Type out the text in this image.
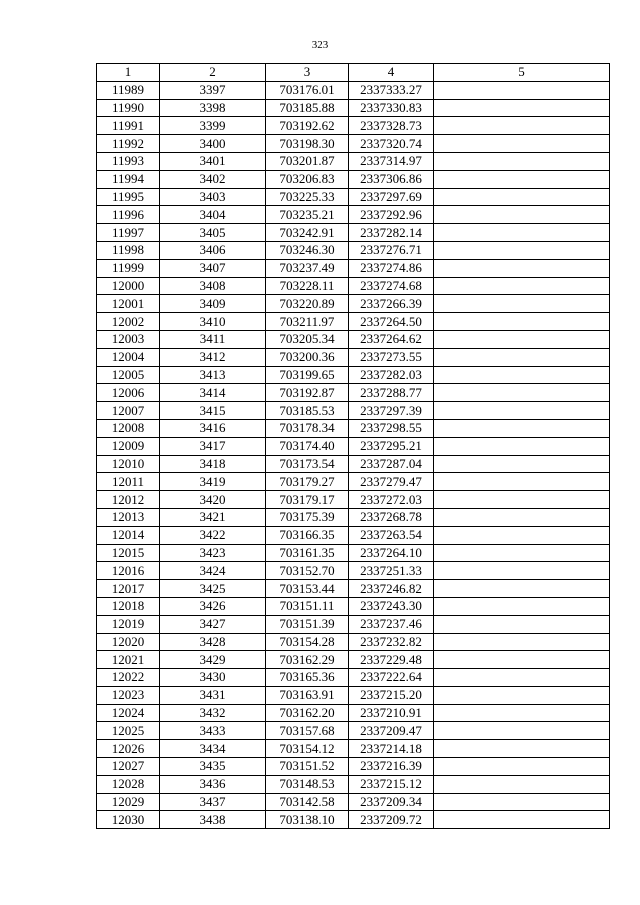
323
1	2	3	4	5
11989	3397	703176.01	2337333.27	
11990	3398	703185.88	2337330.83	
11991	3399	703192.62	2337328.73	
11992	3400	703198.30	2337320.74	
11993	3401	703201.87	2337314.97	
11994	3402	703206.83	2337306.86	
11995	3403	703225.33	2337297.69	
11996	3404	703235.21	2337292.96	
11997	3405	703242.91	2337282.14	
11998	3406	703246.30	2337276.71	
11999	3407	703237.49	2337274.86	
12000	3408	703228.11	2337274.68	
12001	3409	703220.89	2337266.39	
12002	3410	703211.97	2337264.50	
12003	3411	703205.34	2337264.62	
12004	3412	703200.36	2337273.55	
12005	3413	703199.65	2337282.03	
12006	3414	703192.87	2337288.77	
12007	3415	703185.53	2337297.39	
12008	3416	703178.34	2337298.55	
12009	3417	703174.40	2337295.21	
12010	3418	703173.54	2337287.04	
12011	3419	703179.27	2337279.47	
12012	3420	703179.17	2337272.03	
12013	3421	703175.39	2337268.78	
12014	3422	703166.35	2337263.54	
12015	3423	703161.35	2337264.10	
12016	3424	703152.70	2337251.33	
12017	3425	703153.44	2337246.82	
12018	3426	703151.11	2337243.30	
12019	3427	703151.39	2337237.46	
12020	3428	703154.28	2337232.82	
12021	3429	703162.29	2337229.48	
12022	3430	703165.36	2337222.64	
12023	3431	703163.91	2337215.20	
12024	3432	703162.20	2337210.91	
12025	3433	703157.68	2337209.47	
12026	3434	703154.12	2337214.18	
12027	3435	703151.52	2337216.39	
12028	3436	703148.53	2337215.12	
12029	3437	703142.58	2337209.34	
12030	3438	703138.10	2337209.72	
